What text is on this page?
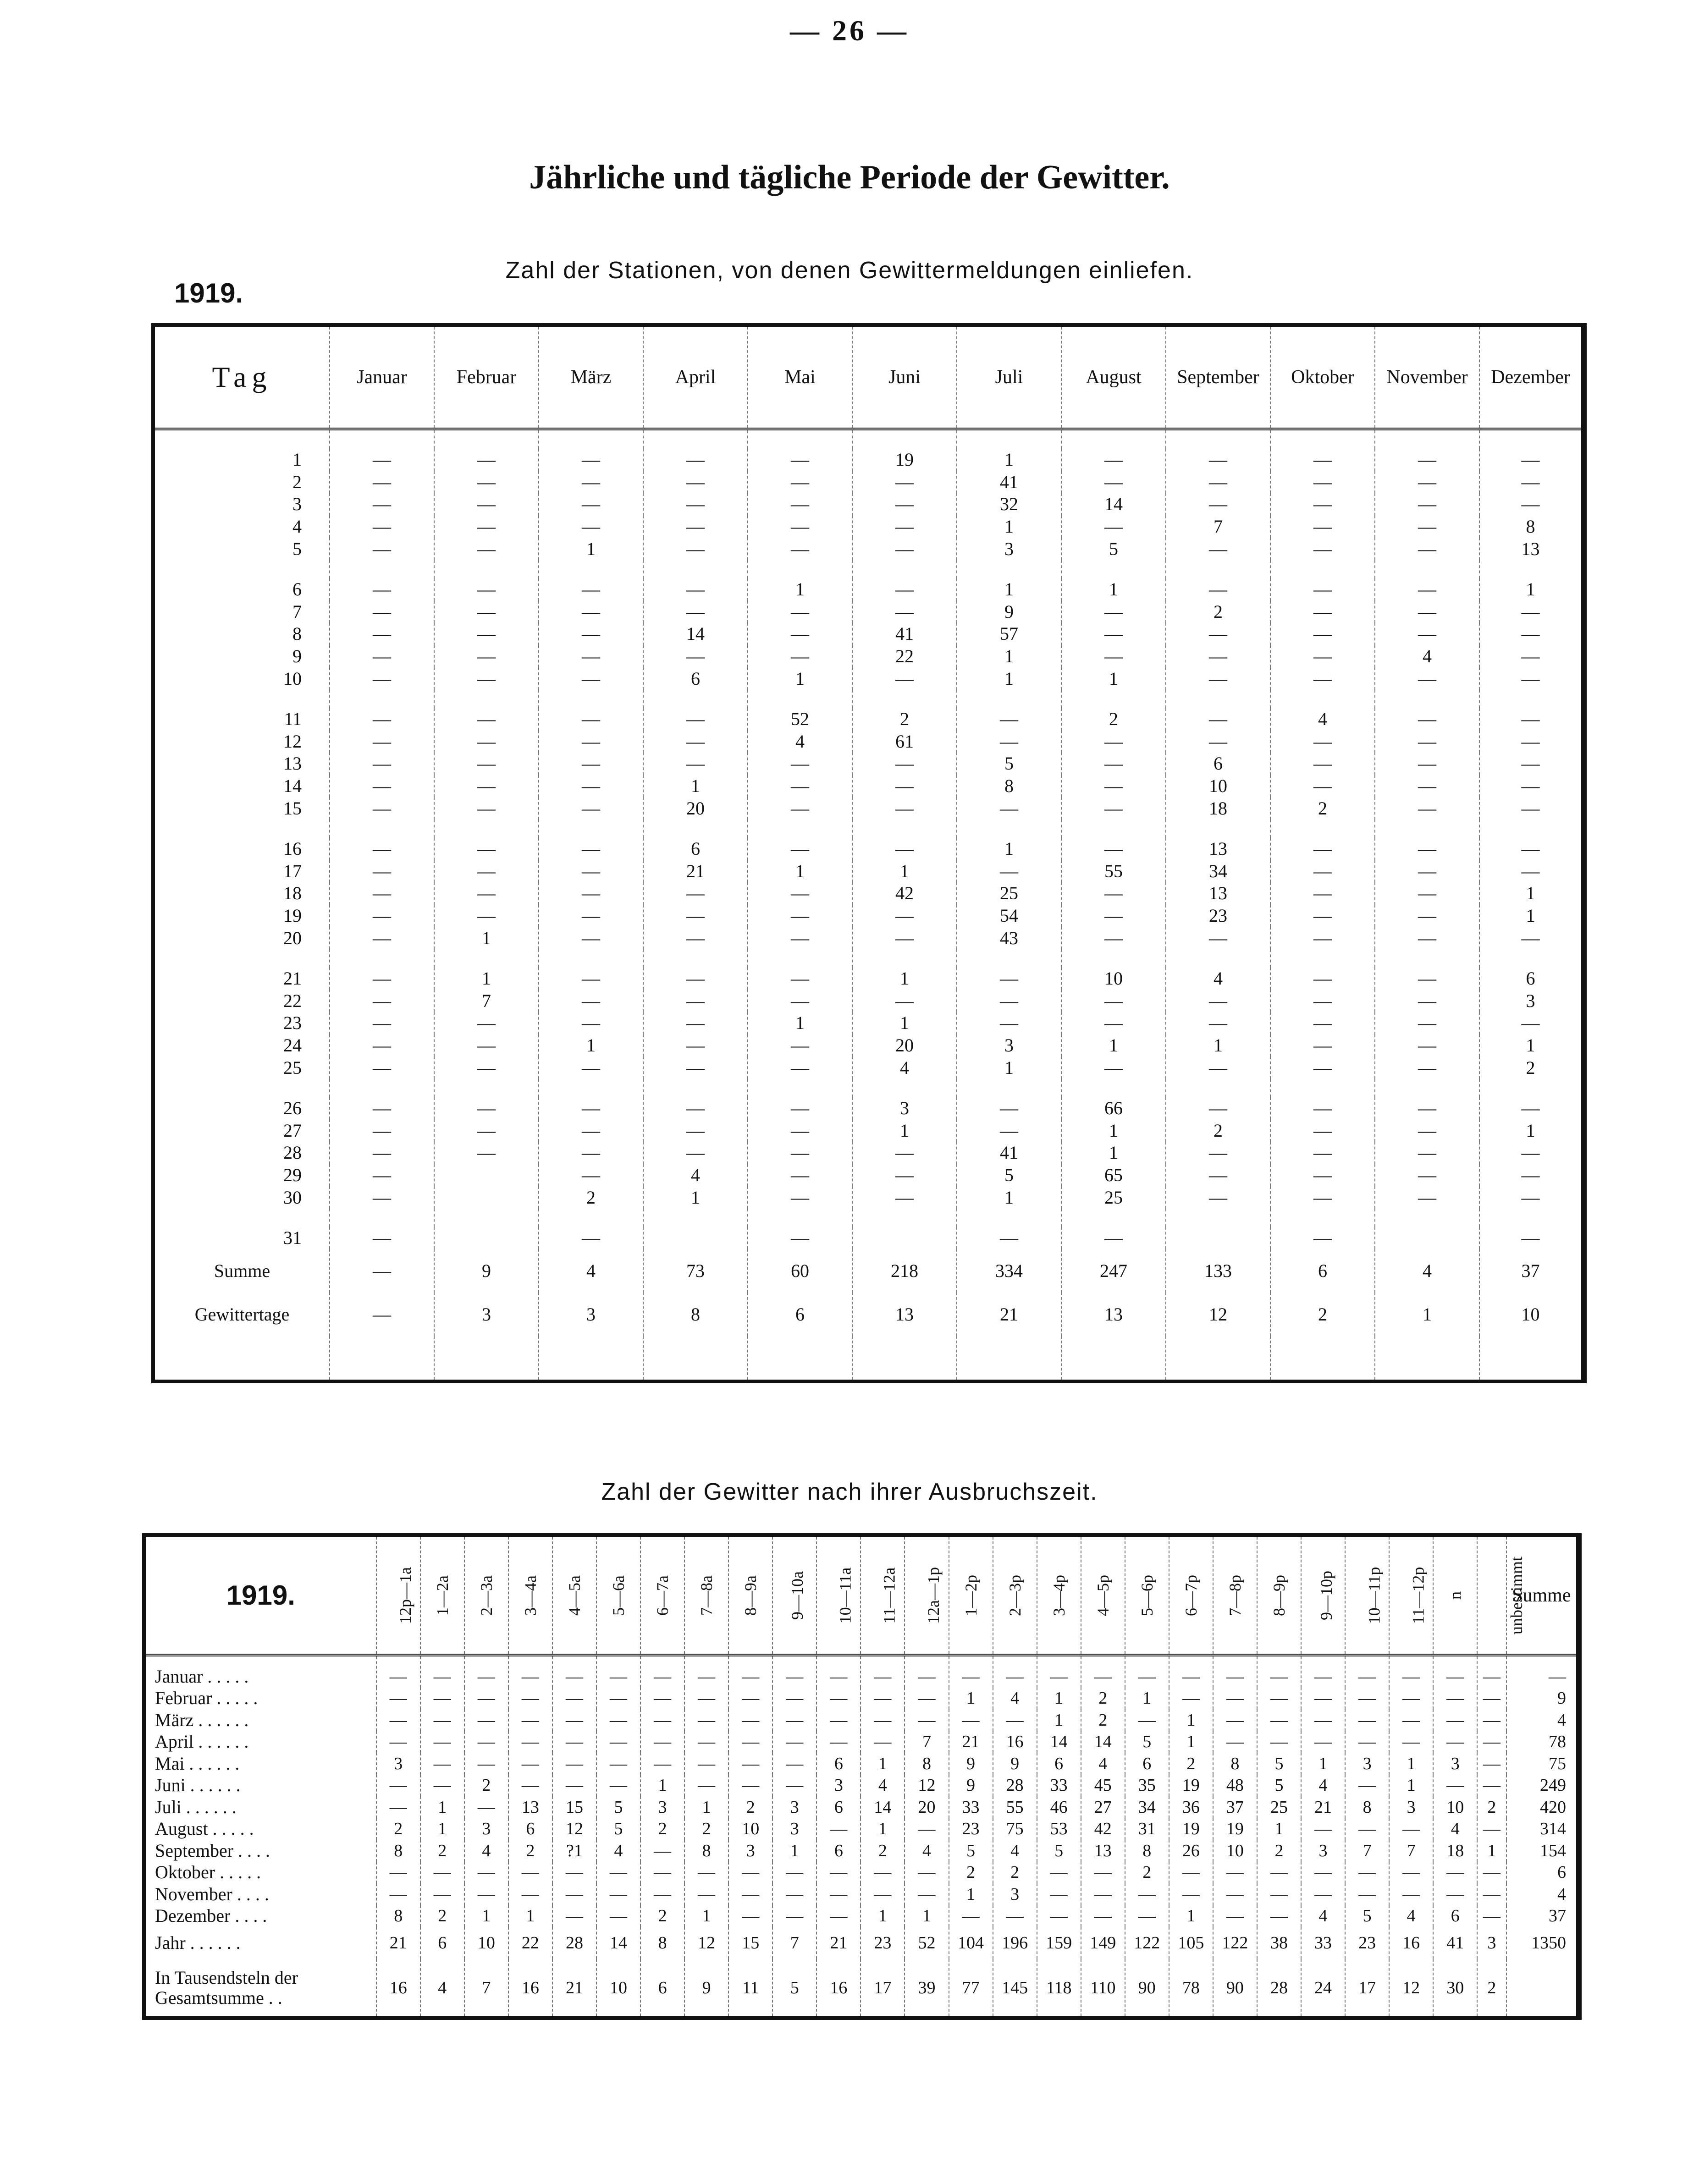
— 26 —
Jährliche und tägliche Periode der Gewitter.
Zahl der Stationen, von denen Gewittermeldungen einliefen.
1919.
Tag	Januar	Februar	März	April	Mai	Juni	Juli	August	September	Oktober	November	Dezember

1	—	—	—	—	—	19	1	—	—	—	—	—
2	—	—	—	—	—	—	41	—	—	—	—	—
3	—	—	—	—	—	—	32	14	—	—	—	—
4	—	—	—	—	—	—	1	—	7	—	—	8
5	—	—	1	—	—	—	3	5	—	—	—	13

6	—	—	—	—	1	—	1	1	—	—	—	1
7	—	—	—	—	—	—	9	—	2	—	—	—
8	—	—	—	14	—	41	57	—	—	—	—	—
9	—	—	—	—	—	22	1	—	—	—	4	—
10	—	—	—	6	1	—	1	1	—	—	—	—

11	—	—	—	—	52	2	—	2	—	4	—	—
12	—	—	—	—	4	61	—	—	—	—	—	—
13	—	—	—	—	—	—	5	—	6	—	—	—
14	—	—	—	1	—	—	8	—	10	—	—	—
15	—	—	—	20	—	—	—	—	18	2	—	—

16	—	—	—	6	—	—	1	—	13	—	—	—
17	—	—	—	21	1	1	—	55	34	—	—	—
18	—	—	—	—	—	42	25	—	13	—	—	1
19	—	—	—	—	—	—	54	—	23	—	—	1
20	—	1	—	—	—	—	43	—	—	—	—	—

21	—	1	—	—	—	1	—	10	4	—	—	6
22	—	7	—	—	—	—	—	—	—	—	—	3
23	—	—	—	—	1	1	—	—	—	—	—	—
24	—	—	1	—	—	20	3	1	1	—	—	1
25	—	—	—	—	—	4	1	—	—	—	—	2

26	—	—	—	—	—	3	—	66	—	—	—	—
27	—	—	—	—	—	1	—	1	2	—	—	1
28	—	—	—	—	—	—	41	1	—	—	—	—
29	—		—	4	—	—	5	65	—	—	—	—
30	—		2	1	—	—	1	25	—	—	—	—

31	—		—		—		—	—		—		—
Summe	—	9	4	73	60	218	334	247	133	6	4	37
Gewittertage	—	3	3	8	6	13	21	13	12	2	1	10

Zahl der Gewitter nach ihrer Ausbruchszeit.
1919.	12p—1a	1—2a	2—3a	3—4a	4—5a	5—6a	6—7a	7—8a	8—9a	9—10a	10—11a	11—12a	12a—1p	1—2p	2—3p	3—4p	4—5p	5—6p	6—7p	7—8p	8—9p	9—10p	10—11p	11—12p	n	unbestimmt	Summe
Januar . . . . .	—	—	—	—	—	—	—	—	—	—	—	—	—	—	—	—	—	—	—	—	—	—	—	—	—	—	—
Februar . . . . .	—	—	—	—	—	—	—	—	—	—	—	—	—	1	4	1	2	1	—	—	—	—	—	—	—	—	9
März . . . . . .	—	—	—	—	—	—	—	—	—	—	—	—	—	—	—	1	2	—	1	—	—	—	—	—	—	—	4
April . . . . . .	—	—	—	—	—	—	—	—	—	—	—	—	7	21	16	14	14	5	1	—	—	—	—	—	—	—	78
Mai . . . . . .	3	—	—	—	—	—	—	—	—	—	6	1	8	9	9	6	4	6	2	8	5	1	3	1	3	—	75
Juni . . . . . .	—	—	2	—	—	—	1	—	—	—	3	4	12	9	28	33	45	35	19	48	5	4	—	1	—	—	249
Juli . . . . . .	—	1	—	13	15	5	3	1	2	3	6	14	20	33	55	46	27	34	36	37	25	21	8	3	10	2	420
August . . . . .	2	1	3	6	12	5	2	2	10	3	—	1	—	23	75	53	42	31	19	19	1	—	—	—	4	—	314
September . . . .	8	2	4	2	?1	4	—	8	3	1	6	2	4	5	4	5	13	8	26	10	2	3	7	7	18	1	154
Oktober . . . . .	—	—	—	—	—	—	—	—	—	—	—	—	—	2	2	—	—	2	—	—	—	—	—	—	—	—	6
November . . . .	—	—	—	—	—	—	—	—	—	—	—	—	—	1	3	—	—	—	—	—	—	—	—	—	—	—	4
Dezember . . . .	8	2	1	1	—	—	2	1	—	—	—	1	1	—	—	—	—	—	1	—	—	4	5	4	6	—	37
Jahr . . . . . .	21	6	10	22	28	14	8	12	15	7	21	23	52	104	196	159	149	122	105	122	38	33	23	16	41	3	1350
In Tausendsteln der Gesamtsumme . .	16	4	7	16	21	10	6	9	11	5	16	17	39	77	145	118	110	90	78	90	28	24	17	12	30	2	
